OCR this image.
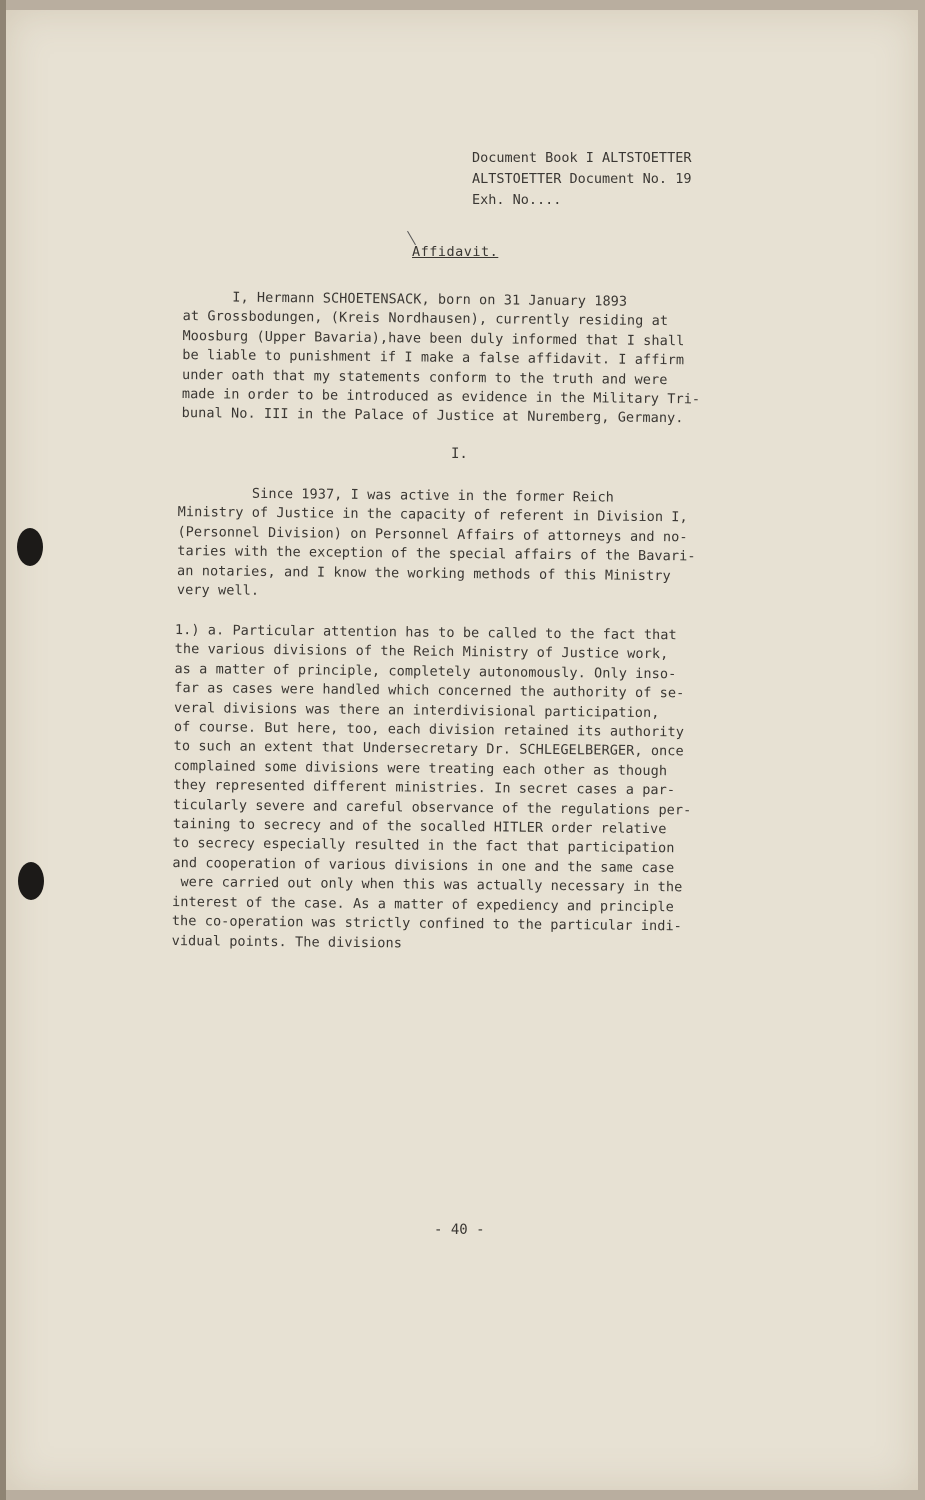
Document Book I ALTSTOETTER
ALTSTOETTER Document No. 19
Exh. No....
Affidavit.
I, Hermann SCHOETENSACK, born on 31 January 1893
at Grossbodungen, (Kreis Nordhausen), currently residing at
Moosburg (Upper Bavaria),have been duly informed that I shall
be liable to punishment if I make a false affidavit. I affirm
under oath that my statements conform to the truth and were
made in order to be introduced as evidence in the Military Tri-
bunal No. III in the Palace of Justice at Nuremberg, Germany.
I.
Since 1937, I was active in the former Reich
Ministry of Justice in the capacity of referent in Division I,
(Personnel Division) on Personnel Affairs of attorneys and no-
taries with the exception of the special affairs of the Bavari-
an notaries, and I know the working methods of this Ministry
very well.
1.) a. Particular attention has to be called to the fact that
the various divisions of the Reich Ministry of Justice work,
as a matter of principle, completely autonomously. Only inso-
far as cases were handled which concerned the authority of se-
veral divisions was there an interdivisional participation,
of course. But here, too, each division retained its authority
to such an extent that Undersecretary Dr. SCHLEGELBERGER, once
complained some divisions were treating each other as though
they represented different ministries. In secret cases a par-
ticularly severe and careful observance of the regulations per-
taining to secrecy and of the socalled HITLER order relative
to secrecy especially resulted in the fact that participation
and cooperation of various divisions in one and the same case
were carried out only when this was actually necessary in the
interest of the case. As a matter of expediency and principle
the co-operation was strictly confined to the particular indi-
vidual points. The divisions
- 40 -
